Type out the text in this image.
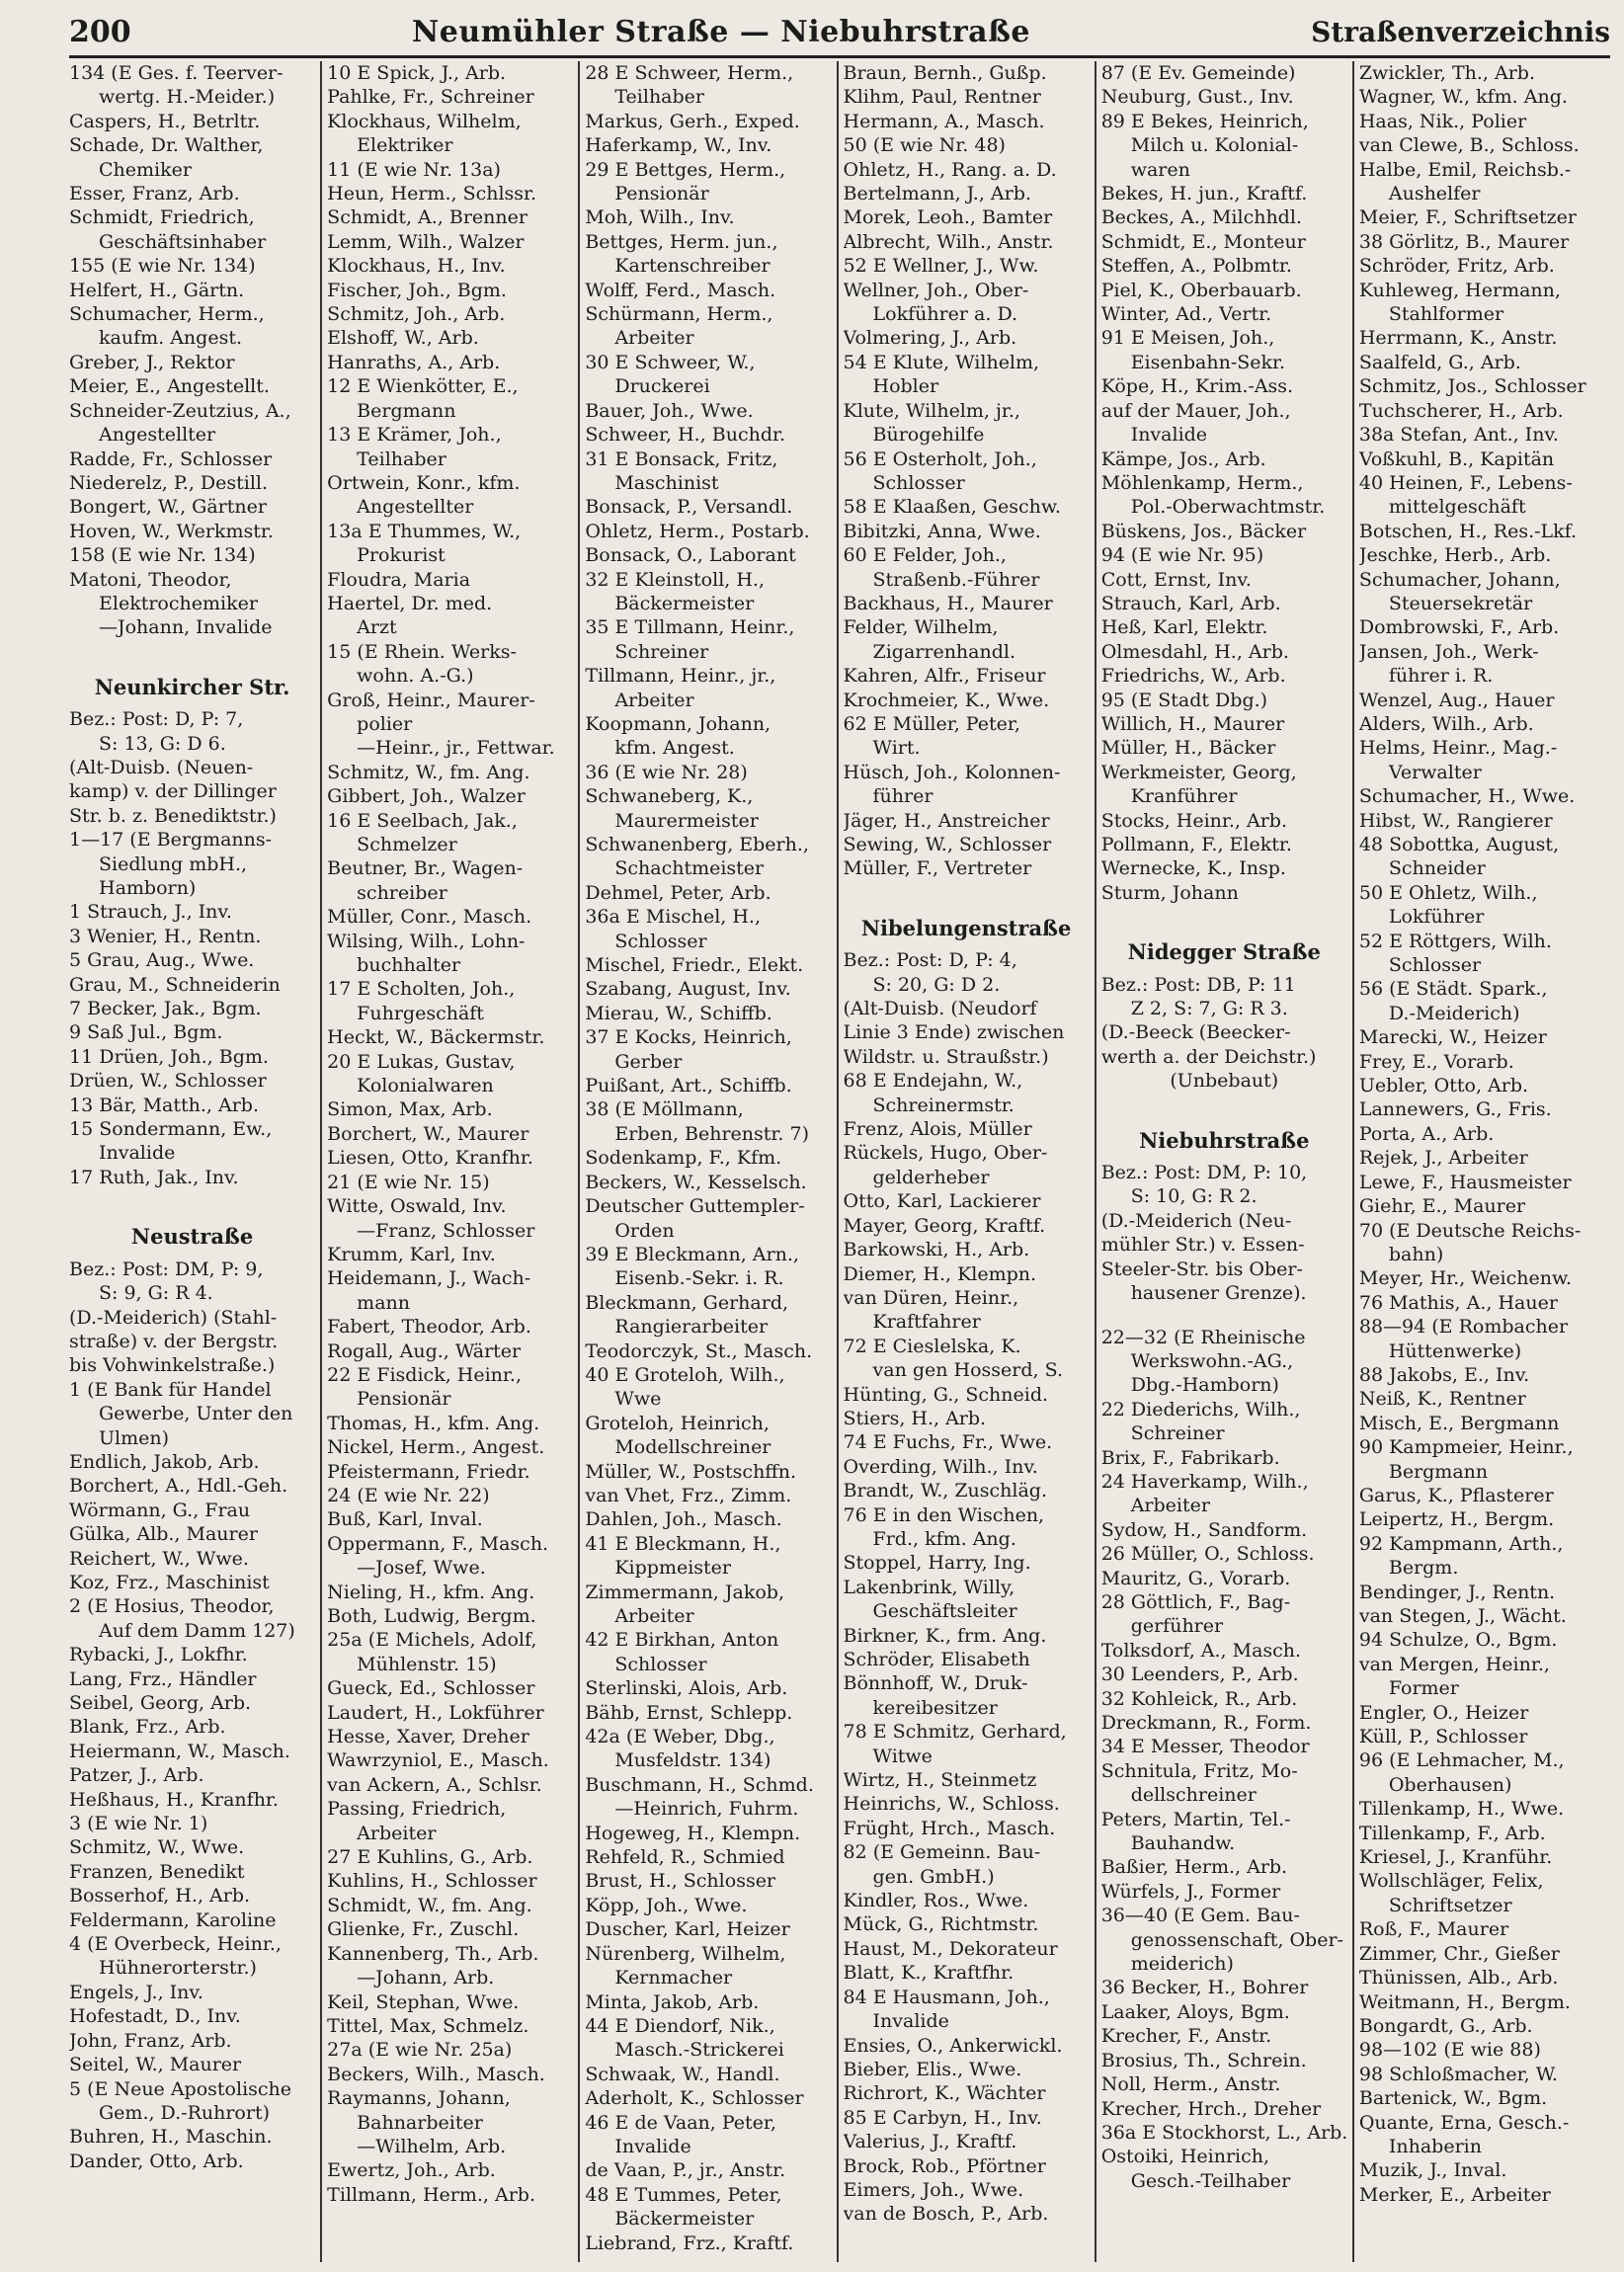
200	Neumühler Straße — Niebuhrstraße	Straßenverzeichnis
134 (E Ges. f. Teerver-
wertg. H.-Meider.)
Caspers, H., Betrltr.
Schade, Dr. Walther,
Chemiker
Esser, Franz, Arb.
Schmidt, Friedrich,
Geschäftsinhaber
155 (E wie Nr. 134)
Helfert, H., Gärtn.
Schumacher, Herm.,
kaufm. Angest.
Greber, J., Rektor
Meier, E., Angestellt.
Schneider-Zeutzius, A.,
Angestellter
Radde, Fr., Schlosser
Niederelz, P., Destill.
Bongert, W., Gärtner
Hoven, W., Werkmstr.
158 (E wie Nr. 134)
Matoni, Theodor,
Elektrochemiker
—Johann, Invalide
Neunkircher Str.
Bez.: Post: D, P: 7,
S: 13, G: D 6.
(Alt-Duisb. (Neuen-
kamp) v. der Dillinger
Str. b. z. Benediktstr.)
1—17 (E Bergmanns-
Siedlung mbH.,
Hamborn)
1 Strauch, J., Inv.
3 Wenier, H., Rentn.
5 Grau, Aug., Wwe.
Grau, M., Schneiderin
7 Becker, Jak., Bgm.
9 Saß Jul., Bgm.
11 Drüen, Joh., Bgm.
Drüen, W., Schlosser
13 Bär, Matth., Arb.
15 Sondermann, Ew.,
Invalide
17 Ruth, Jak., Inv.
Neustraße
Bez.: Post: DM, P: 9,
S: 9, G: R 4.
(D.-Meiderich) (Stahl-
straße) v. der Bergstr.
bis Vohwinkelstraße.)
1 (E Bank für Handel
Gewerbe, Unter den
Ulmen)
Endlich, Jakob, Arb.
Borchert, A., Hdl.-Geh.
Wörmann, G., Frau
Gülka, Alb., Maurer
Reichert, W., Wwe.
Koz, Frz., Maschinist
2 (E Hosius, Theodor,
Auf dem Damm 127)
Rybacki, J., Lokfhr.
Lang, Frz., Händler
Seibel, Georg, Arb.
Blank, Frz., Arb.
Heiermann, W., Masch.
Patzer, J., Arb.
Heßhaus, H., Kranfhr.
3 (E wie Nr. 1)
Schmitz, W., Wwe.
Franzen, Benedikt
Bosserhof, H., Arb.
Feldermann, Karoline
4 (E Overbeck, Heinr.,
Hühnerorterstr.)
Engels, J., Inv.
Hofestadt, D., Inv.
John, Franz, Arb.
Seitel, W., Maurer
5 (E Neue Apostolische
Gem., D.-Ruhrort)
Buhren, H., Maschin.
Dander, Otto, Arb.
10 E Spick, J., Arb.
Pahlke, Fr., Schreiner
Klockhaus, Wilhelm,
Elektriker
11 (E wie Nr. 13a)
Heun, Herm., Schlssr.
Schmidt, A., Brenner
Lemm, Wilh., Walzer
Klockhaus, H., Inv.
Fischer, Joh., Bgm.
Schmitz, Joh., Arb.
Elshoff, W., Arb.
Hanraths, A., Arb.
12 E Wienkötter, E.,
Bergmann
13 E Krämer, Joh.,
Teilhaber
Ortwein, Konr., kfm.
Angestellter
13a E Thummes, W.,
Prokurist
Floudra, Maria
Haertel, Dr. med.
Arzt
15 (E Rhein. Werks-
wohn. A.-G.)
Groß, Heinr., Maurer-
polier
—Heinr., jr., Fettwar.
Schmitz, W., fm. Ang.
Gibbert, Joh., Walzer
16 E Seelbach, Jak.,
Schmelzer
Beutner, Br., Wagen-
schreiber
Müller, Conr., Masch.
Wilsing, Wilh., Lohn-
buchhalter
17 E Scholten, Joh.,
Fuhrgeschäft
Heckt, W., Bäckermstr.
20 E Lukas, Gustav,
Kolonialwaren
Simon, Max, Arb.
Borchert, W., Maurer
Liesen, Otto, Kranfhr.
21 (E wie Nr. 15)
Witte, Oswald, Inv.
—Franz, Schlosser
Krumm, Karl, Inv.
Heidemann, J., Wach-
mann
Fabert, Theodor, Arb.
Rogall, Aug., Wärter
22 E Fisdick, Heinr.,
Pensionär
Thomas, H., kfm. Ang.
Nickel, Herm., Angest.
Pfeistermann, Friedr.
24 (E wie Nr. 22)
Buß, Karl, Inval.
Oppermann, F., Masch.
—Josef, Wwe.
Nieling, H., kfm. Ang.
Both, Ludwig, Bergm.
25a (E Michels, Adolf,
Mühlenstr. 15)
Gueck, Ed., Schlosser
Laudert, H., Lokführer
Hesse, Xaver, Dreher
Wawrzyniol, E., Masch.
van Ackern, A., Schlsr.
Passing, Friedrich,
Arbeiter
27 E Kuhlins, G., Arb.
Kuhlins, H., Schlosser
Schmidt, W., fm. Ang.
Glienke, Fr., Zuschl.
Kannenberg, Th., Arb.
—Johann, Arb.
Keil, Stephan, Wwe.
Tittel, Max, Schmelz.
27a (E wie Nr. 25a)
Beckers, Wilh., Masch.
Raymanns, Johann,
Bahnarbeiter
—Wilhelm, Arb.
Ewertz, Joh., Arb.
Tillmann, Herm., Arb.
28 E Schweer, Herm.,
Teilhaber
Markus, Gerh., Exped.
Haferkamp, W., Inv.
29 E Bettges, Herm.,
Pensionär
Moh, Wilh., Inv.
Bettges, Herm. jun.,
Kartenschreiber
Wolff, Ferd., Masch.
Schürmann, Herm.,
Arbeiter
30 E Schweer, W.,
Druckerei
Bauer, Joh., Wwe.
Schweer, H., Buchdr.
31 E Bonsack, Fritz,
Maschinist
Bonsack, P., Versandl.
Ohletz, Herm., Postarb.
Bonsack, O., Laborant
32 E Kleinstoll, H.,
Bäckermeister
35 E Tillmann, Heinr.,
Schreiner
Tillmann, Heinr., jr.,
Arbeiter
Koopmann, Johann,
kfm. Angest.
36 (E wie Nr. 28)
Schwaneberg, K.,
Maurermeister
Schwanenberg, Eberh.,
Schachtmeister
Dehmel, Peter, Arb.
36a E Mischel, H.,
Schlosser
Mischel, Friedr., Elekt.
Szabang, August, Inv.
Mierau, W., Schiffb.
37 E Kocks, Heinrich,
Gerber
Puißant, Art., Schiffb.
38 (E Möllmann,
Erben, Behrenstr. 7)
Sodenkamp, F., Kfm.
Beckers, W., Kesselsch.
Deutscher Guttempler-
Orden
39 E Bleckmann, Arn.,
Eisenb.-Sekr. i. R.
Bleckmann, Gerhard,
Rangierarbeiter
Teodorczyk, St., Masch.
40 E Groteloh, Wilh.,
Wwe
Groteloh, Heinrich,
Modellschreiner
Müller, W., Postschffn.
van Vhet, Frz., Zimm.
Dahlen, Joh., Masch.
41 E Bleckmann, H.,
Kippmeister
Zimmermann, Jakob,
Arbeiter
42 E Birkhan, Anton
Schlosser
Sterlinski, Alois, Arb.
Bähb, Ernst, Schlepp.
42a (E Weber, Dbg.,
Musfeldstr. 134)
Buschmann, H., Schmd.
—Heinrich, Fuhrm.
Hogeweg, H., Klempn.
Rehfeld, R., Schmied
Brust, H., Schlosser
Köpp, Joh., Wwe.
Duscher, Karl, Heizer
Nürenberg, Wilhelm,
Kernmacher
Minta, Jakob, Arb.
44 E Diendorf, Nik.,
Masch.-Strickerei
Schwaak, W., Handl.
Aderholt, K., Schlosser
46 E de Vaan, Peter,
Invalide
de Vaan, P., jr., Anstr.
48 E Tummes, Peter,
Bäckermeister
Liebrand, Frz., Kraftf.
Braun, Bernh., Gußp.
Klihm, Paul, Rentner
Hermann, A., Masch.
50 (E wie Nr. 48)
Ohletz, H., Rang. a. D.
Bertelmann, J., Arb.
Morek, Leoh., Bamter
Albrecht, Wilh., Anstr.
52 E Wellner, J., Ww.
Wellner, Joh., Ober-
Lokführer a. D.
Volmering, J., Arb.
54 E Klute, Wilhelm,
Hobler
Klute, Wilhelm, jr.,
Bürogehilfe
56 E Osterholt, Joh.,
Schlosser
58 E Klaaßen, Geschw.
Bibitzki, Anna, Wwe.
60 E Felder, Joh.,
Straßenb.-Führer
Backhaus, H., Maurer
Felder, Wilhelm,
Zigarrenhandl.
Kahren, Alfr., Friseur
Krochmeier, K., Wwe.
62 E Müller, Peter,
Wirt.
Hüsch, Joh., Kolonnen-
führer
Jäger, H., Anstreicher
Sewing, W., Schlosser
Müller, F., Vertreter
Nibelungenstraße
Bez.: Post: D, P: 4,
S: 20, G: D 2.
(Alt-Duisb. (Neudorf
Linie 3 Ende) zwischen
Wildstr. u. Straußstr.)
68 E Endejahn, W.,
Schreinermstr.
Frenz, Alois, Müller
Rückels, Hugo, Ober-
gelderheber
Otto, Karl, Lackierer
Mayer, Georg, Kraftf.
Barkowski, H., Arb.
Diemer, H., Klempn.
van Düren, Heinr.,
Kraftfahrer
72 E Cieslelska, K.
van gen Hosserd, S.
Hünting, G., Schneid.
Stiers, H., Arb.
74 E Fuchs, Fr., Wwe.
Overding, Wilh., Inv.
Brandt, W., Zuschläg.
76 E in den Wischen,
Frd., kfm. Ang.
Stoppel, Harry, Ing.
Lakenbrink, Willy,
Geschäftsleiter
Birkner, K., frm. Ang.
Schröder, Elisabeth
Bönnhoff, W., Druk-
kereibesitzer
78 E Schmitz, Gerhard,
Witwe
Wirtz, H., Steinmetz
Heinrichs, W., Schloss.
Früght, Hrch., Masch.
82 (E Gemeinn. Bau-
gen. GmbH.)
Kindler, Ros., Wwe.
Mück, G., Richtmstr.
Haust, M., Dekorateur
Blatt, K., Kraftfhr.
84 E Hausmann, Joh.,
Invalide
Ensies, O., Ankerwickl.
Bieber, Elis., Wwe.
Richrort, K., Wächter
85 E Carbyn, H., Inv.
Valerius, J., Kraftf.
Brock, Rob., Pförtner
Eimers, Joh., Wwe.
van de Bosch, P., Arb.
87 (E Ev. Gemeinde)
Neuburg, Gust., Inv.
89 E Bekes, Heinrich,
Milch u. Kolonial-
waren
Bekes, H. jun., Kraftf.
Beckes, A., Milchhdl.
Schmidt, E., Monteur
Steffen, A., Polbmtr.
Piel, K., Oberbauarb.
Winter, Ad., Vertr.
91 E Meisen, Joh.,
Eisenbahn-Sekr.
Köpe, H., Krim.-Ass.
auf der Mauer, Joh.,
Invalide
Kämpe, Jos., Arb.
Möhlenkamp, Herm.,
Pol.-Oberwachtmstr.
Büskens, Jos., Bäcker
94 (E wie Nr. 95)
Cott, Ernst, Inv.
Strauch, Karl, Arb.
Heß, Karl, Elektr.
Olmesdahl, H., Arb.
Friedrichs, W., Arb.
95 (E Stadt Dbg.)
Willich, H., Maurer
Müller, H., Bäcker
Werkmeister, Georg,
Kranführer
Stocks, Heinr., Arb.
Pollmann, F., Elektr.
Wernecke, K., Insp.
Sturm, Johann
Nidegger Straße
Bez.: Post: DB, P: 11
Z 2, S: 7, G: R 3.
(D.-Beeck (Beecker-
werth a. der Deichstr.)
(Unbebaut)
Niebuhrstraße
Bez.: Post: DM, P: 10,
S: 10, G: R 2.
(D.-Meiderich (Neu-
mühler Str.) v. Essen-
Steeler-Str. bis Ober-
hausener Grenze).
22—32 (E Rheinische
Werkswohn.-AG.,
Dbg.-Hamborn)
22 Diederichs, Wilh.,
Schreiner
Brix, F., Fabrikarb.
24 Haverkamp, Wilh.,
Arbeiter
Sydow, H., Sandform.
26 Müller, O., Schloss.
Mauritz, G., Vorarb.
28 Göttlich, F., Bag-
gerführer
Tolksdorf, A., Masch.
30 Leenders, P., Arb.
32 Kohleick, R., Arb.
Dreckmann, R., Form.
34 E Messer, Theodor
Schnitula, Fritz, Mo-
dellschreiner
Peters, Martin, Tel.-
Bauhandw.
Baßier, Herm., Arb.
Würfels, J., Former
36—40 (E Gem. Bau-
genossenschaft, Ober-
meiderich)
36 Becker, H., Bohrer
Laaker, Aloys, Bgm.
Krecher, F., Anstr.
Brosius, Th., Schrein.
Noll, Herm., Anstr.
Krecher, Hrch., Dreher
36a E Stockhorst, L., Arb.
Ostoiki, Heinrich,
Gesch.-Teilhaber
Zwickler, Th., Arb.
Wagner, W., kfm. Ang.
Haas, Nik., Polier
van Clewe, B., Schloss.
Halbe, Emil, Reichsb.-
Aushelfer
Meier, F., Schriftsetzer
38 Görlitz, B., Maurer
Schröder, Fritz, Arb.
Kuhleweg, Hermann,
Stahlformer
Herrmann, K., Anstr.
Saalfeld, G., Arb.
Schmitz, Jos., Schlosser
Tuchscherer, H., Arb.
38a Stefan, Ant., Inv.
Voßkuhl, B., Kapitän
40 Heinen, F., Lebens-
mittelgeschäft
Botschen, H., Res.-Lkf.
Jeschke, Herb., Arb.
Schumacher, Johann,
Steuersekretär
Dombrowski, F., Arb.
Jansen, Joh., Werk-
führer i. R.
Wenzel, Aug., Hauer
Alders, Wilh., Arb.
Helms, Heinr., Mag.-
Verwalter
Schumacher, H., Wwe.
Hibst, W., Rangierer
48 Sobottka, August,
Schneider
50 E Ohletz, Wilh.,
Lokführer
52 E Röttgers, Wilh.
Schlosser
56 (E Städt. Spark.,
D.-Meiderich)
Marecki, W., Heizer
Frey, E., Vorarb.
Uebler, Otto, Arb.
Lannewers, G., Fris.
Porta, A., Arb.
Rejek, J., Arbeiter
Lewe, F., Hausmeister
Giehr, E., Maurer
70 (E Deutsche Reichs-
bahn)
Meyer, Hr., Weichenw.
76 Mathis, A., Hauer
88—94 (E Rombacher
Hüttenwerke)
88 Jakobs, E., Inv.
Neiß, K., Rentner
Misch, E., Bergmann
90 Kampmeier, Heinr.,
Bergmann
Garus, K., Pflasterer
Leipertz, H., Bergm.
92 Kampmann, Arth.,
Bergm.
Bendinger, J., Rentn.
van Stegen, J., Wächt.
94 Schulze, O., Bgm.
van Mergen, Heinr.,
Former
Engler, O., Heizer
Küll, P., Schlosser
96 (E Lehmacher, M.,
Oberhausen)
Tillenkamp, H., Wwe.
Tillenkamp, F., Arb.
Kriesel, J., Kranführ.
Wollschläger, Felix,
Schriftsetzer
Roß, F., Maurer
Zimmer, Chr., Gießer
Thünissen, Alb., Arb.
Weitmann, H., Bergm.
Bongardt, G., Arb.
98—102 (E wie 88)
98 Schloßmacher, W.
Bartenick, W., Bgm.
Quante, Erna, Gesch.-
Inhaberin
Muzik, J., Inval.
Merker, E., Arbeiter
